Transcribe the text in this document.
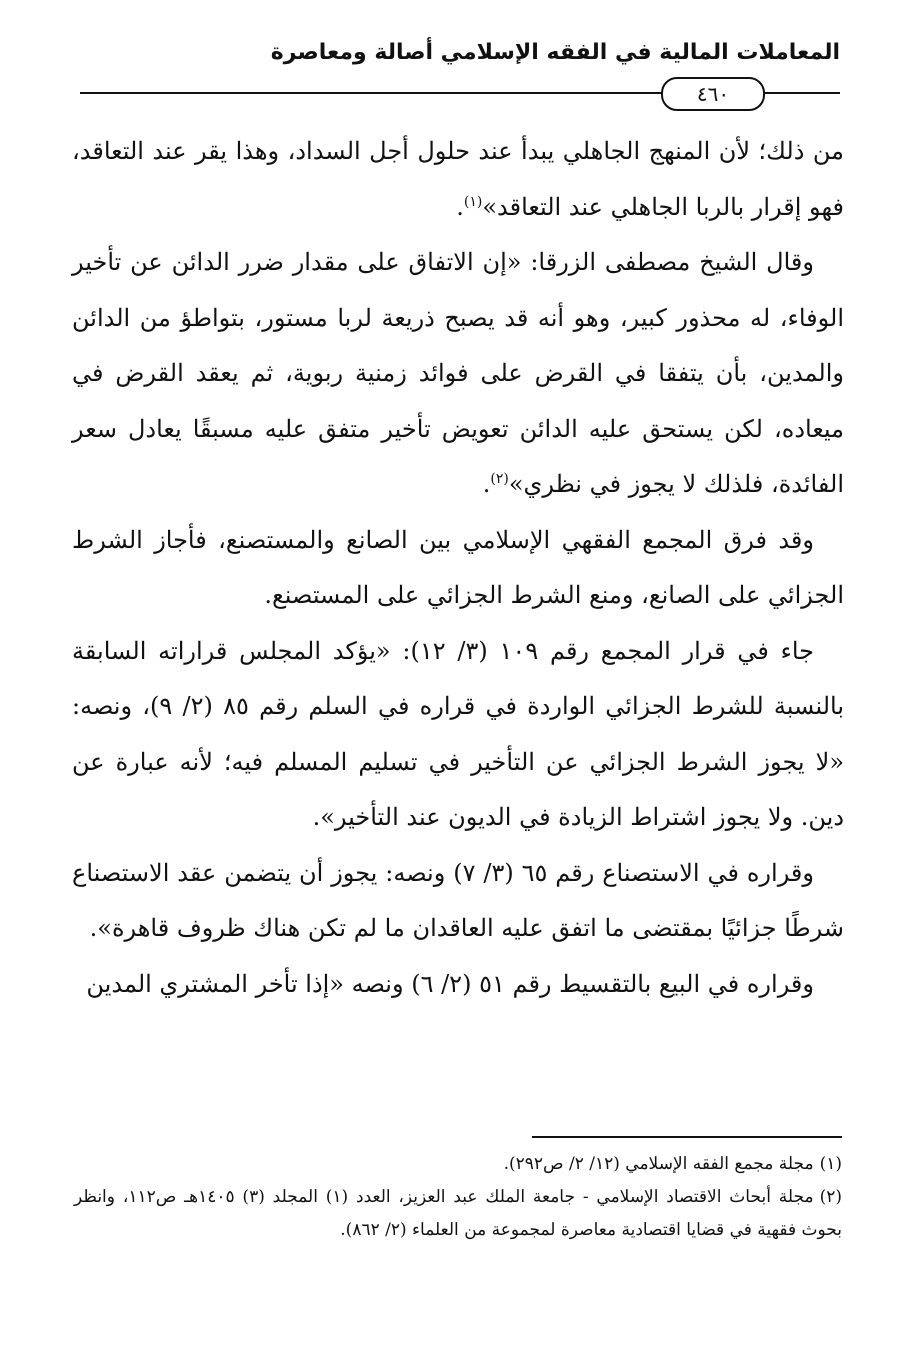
المعاملات المالية في الفقه الإسلامي أصالة ومعاصرة
٤٦٠

من ذلك؛ لأن المنهج الجاهلي يبدأ عند حلول أجل السداد، وهذا يقر عند التعاقد، فهو إقرار بالربا الجاهلي عند التعاقد»$^{(١)}$.

وقال الشيخ مصطفى الزرقا: «إن الاتفاق على مقدار ضرر الدائن عن تأخير الوفاء، له محذور كبير، وهو أنه قد يصبح ذريعة لربا مستور، بتواطؤ من الدائن والمدين، بأن يتفقا في القرض على فوائد زمنية ربوية، ثم يعقد القرض في ميعاده، لكن يستحق عليه الدائن تعويض تأخير متفق عليه مسبقًا يعادل سعر الفائدة، فلذلك لا يجوز في نظري»$^{(٢)}$.

وقد فرق المجمع الفقهي الإسلامي بين الصانع والمستصنع، فأجاز الشرط الجزائي على الصانع، ومنع الشرط الجزائي على المستصنع.

جاء في قرار المجمع رقم ١٠٩ (٣/ ١٢): «يؤكد المجلس قراراته السابقة بالنسبة للشرط الجزائي الواردة في قراره في السلم رقم ٨٥ (٢/ ٩)، ونصه: «لا يجوز الشرط الجزائي عن التأخير في تسليم المسلم فيه؛ لأنه عبارة عن دين. ولا يجوز اشتراط الزيادة في الديون عند التأخير».

وقراره في الاستصناع رقم ٦٥ (٣/ ٧) ونصه: يجوز أن يتضمن عقد الاستصناع شرطًا جزائيًا بمقتضى ما اتفق عليه العاقدان ما لم تكن هناك ظروف قاهرة».

وقراره في البيع بالتقسيط رقم ٥١ (٢/ ٦) ونصه «إذا تأخر المشتري المدين

(١)مجلة مجمع الفقه الإسلامي (١٢/ ٢/ ص٢٩٢).

(٢)مجلة أبحاث الاقتصاد الإسلامي - جامعة الملك عبد العزيز، العدد (١) المجلد (٣) ١٤٠٥هـ ص١١٢، وانظر بحوث فقهية في قضايا اقتصادية معاصرة لمجموعة من العلماء (٢/ ٨٦٢).
